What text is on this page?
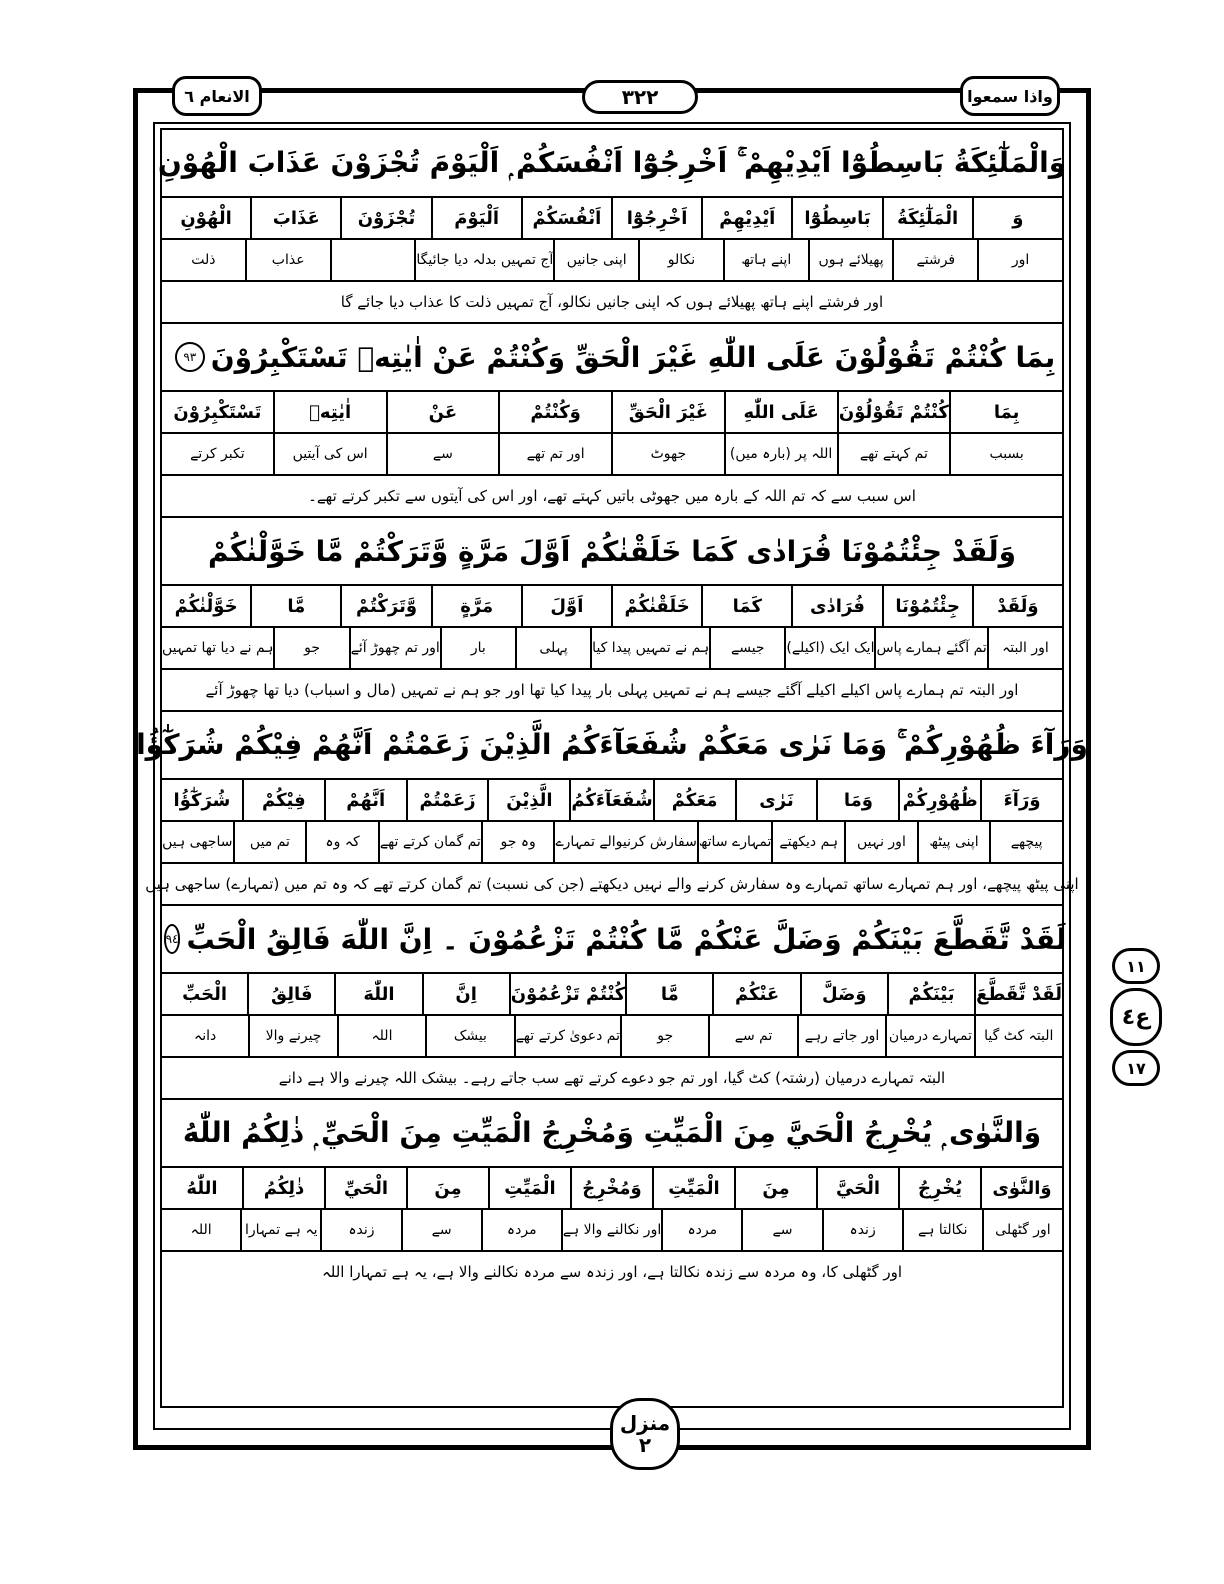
الانعام ٦	٣٢٢	واذا سمعوا
وَالْمَلٰٓئِكَةُ بَاسِطُوْٓا اَيْدِيْهِمْ ۚ اَخْرِجُوْٓا اَنْفُسَكُمْ ۭ اَلْيَوْمَ تُجْزَوْنَ عَذَابَ الْهُوْنِ
وَ
الْمَلٰٓئِكَةُ
بَاسِطُوْٓا
اَيْدِيْهِمْ
اَخْرِجُوْٓا
اَنْفُسَكُمْ
اَلْيَوْمَ
تُجْزَوْنَ
عَذَابَ
الْهُوْنِ
اور
فرشتے
پھیلائے ہوں
اپنے ہاتھ
نکالو
اپنی جانیں
آج تمہیں بدلہ دیا جائیگا
عذاب
ذلت
اور فرشتے اپنے ہاتھ پھیلائے ہوں کہ اپنی جانیں نکالو، آج تمہیں ذلت کا عذاب دیا جائے گا
بِمَا كُنْتُمْ تَقُوْلُوْنَ عَلَى اللّٰهِ غَيْرَ الْحَقِّ وَكُنْتُمْ عَنْ اٰيٰتِهٖ تَسْتَكْبِرُوْنَ
٩٣
بِمَا
كُنْتُمْ تَقُوْلُوْنَ
عَلَى اللّٰهِ
غَيْرَ الْحَقِّ
وَكُنْتُمْ
عَنْ
اٰيٰتِهٖ
تَسْتَكْبِرُوْنَ
بسبب
تم کہتے تھے
اللہ پر (بارہ میں)
جھوٹ
اور تم تھے
سے
اس کی آیتیں
تکبر کرتے
اس سبب سے کہ تم اللہ کے بارہ میں جھوٹی باتیں کہتے تھے، اور اس کی آیتوں سے تکبر کرتے تھے۔
وَلَقَدْ جِئْتُمُوْنَا فُرَادٰى كَمَا خَلَقْنٰكُمْ اَوَّلَ مَرَّةٍ وَّتَرَكْتُمْ مَّا خَوَّلْنٰكُمْ
وَلَقَدْ
جِئْتُمُوْنَا
فُرَادٰى
كَمَا
خَلَقْنٰكُمْ
اَوَّلَ
مَرَّةٍ
وَّتَرَكْتُمْ
مَّا
خَوَّلْنٰكُمْ
اور البتہ
تم آگئے ہمارے پاس
ایک ایک (اکیلے)
جیسے
ہم نے تمہیں پیدا کیا
پہلی
بار
اور تم چھوڑ آئے
جو
ہم نے دیا تھا تمہیں
اور البتہ تم ہمارے پاس اکیلے اکیلے آگئے جیسے ہم نے تمہیں پہلی بار پیدا کیا تھا اور جو ہم نے تمہیں (مال و اسباب) دیا تھا چھوڑ آئے
وَرَآءَ ظُهُوْرِكُمْ ۚ وَمَا نَرٰى مَعَكُمْ شُفَعَآءَكُمُ الَّذِيْنَ زَعَمْتُمْ اَنَّهُمْ فِيْكُمْ شُرَكٰٓؤُا
وَرَآءَ
ظُهُوْرِكُمْ
وَمَا
نَرٰى
مَعَكُمْ
شُفَعَآءَكُمُ
الَّذِيْنَ
زَعَمْتُمْ
اَنَّهُمْ
فِيْكُمْ
شُرَكٰٓؤُا
پیچھے
اپنی پیٹھ
اور نہیں
ہم دیکھتے
تمہارے ساتھ
سفارش کرنیوالے تمہارے
وہ جو
تم گمان کرتے تھے
کہ وہ
تم میں
ساجھی ہیں
اپنی پیٹھ پیچھے، اور ہم تمہارے ساتھ تمہارے وہ سفارش کرنے والے نہیں دیکھتے (جن کی نسبت) تم گمان کرتے تھے کہ وہ تم میں (تمہارے) ساجھی ہیں
لَقَدْ تَّقَطَّعَ بَيْنَكُمْ وَضَلَّ عَنْكُمْ مَّا كُنْتُمْ تَزْعُمُوْنَ ۔ اِنَّ اللّٰهَ فَالِقُ الْحَبِّ
٩٤
لَقَدْ تَّقَطَّعَ
بَيْنَكُمْ
وَضَلَّ
عَنْكُمْ
مَّا
كُنْتُمْ تَزْعُمُوْنَ
اِنَّ
اللّٰهَ
فَالِقُ
الْحَبِّ
البتہ کٹ گیا
تمہارے درمیان
اور جاتے رہے
تم سے
جو
تم دعویٰ کرتے تھے
بیشک
اللہ
چیرنے والا
دانہ
البتہ تمہارے درمیان (رشتہ) کٹ گیا، اور تم جو دعوے کرتے تھے سب جاتے رہے۔ بیشک اللہ چیرنے والا ہے دانے
وَالنَّوٰى ۭ يُخْرِجُ الْحَيَّ مِنَ الْمَيِّتِ وَمُخْرِجُ الْمَيِّتِ مِنَ الْحَيِّ ۭ ذٰلِكُمُ اللّٰهُ
وَالنَّوٰى
يُخْرِجُ
الْحَيَّ
مِنَ
الْمَيِّتِ
وَمُخْرِجُ
الْمَيِّتِ
مِنَ
الْحَيِّ
ذٰلِكُمُ
اللّٰهُ
اور گٹھلی
نکالتا ہے
زندہ
سے
مردہ
اور نکالنے والا ہے
مردہ
سے
زندہ
یہ ہے تمہارا
اللہ
اور گٹھلی کا، وہ مردہ سے زندہ نکالتا ہے، اور زندہ سے مردہ نکالنے والا ہے، یہ ہے تمہارا اللہ
١١
ع٤
١٧
منزل
٢
